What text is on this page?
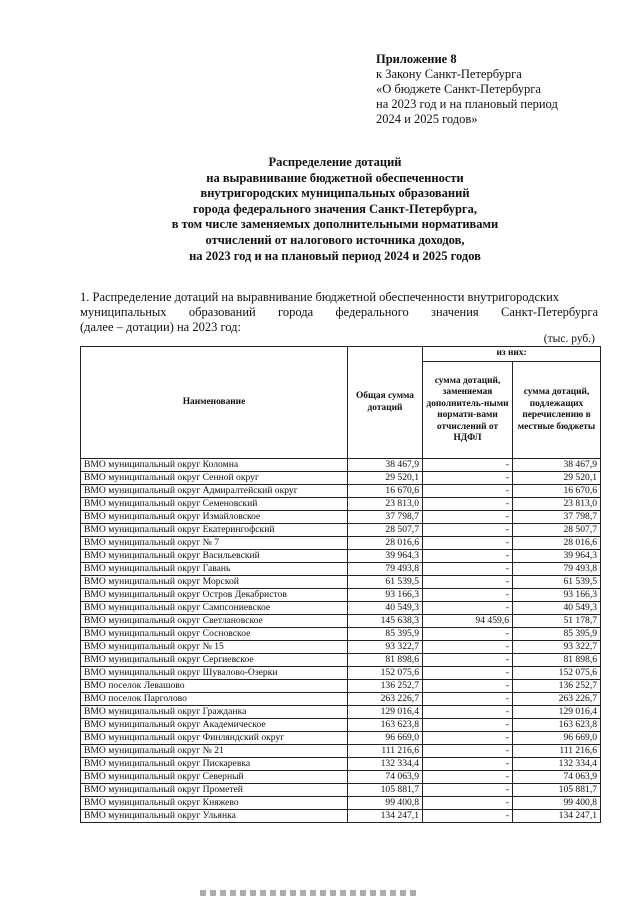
Приложение 8
к Закону Санкт-Петербурга
«О бюджете Санкт-Петербурга
на 2023 год и на плановый период
2024 и 2025 годов»
Распределение дотаций
на выравнивание бюджетной обеспеченности
внутригородских муниципальных образований
города федерального значения Санкт-Петербурга,
в том числе заменяемых дополнительными нормативами
отчислений от налогового источника доходов,
на 2023 год и на плановый период 2024 и 2025 годов
1. Распределение дотаций на выравнивание бюджетной обеспеченности внутригородских
муниципальных образований города федерального значения Санкт-Петербурга
(далее – дотации) на 2023 год:
(тыс. руб.)
Наименование	Общая сумма дотаций	из них:	
		сумма дотаций, заменяемая дополнитель-ными нормати-вами отчислений от НДФЛ	сумма дотаций, подлежащих перечислению в местные бюджеты
ВМО муниципальный округ Коломна	38 467,9	-	38 467,9
ВМО муниципальный округ Сенной округ	29 520,1	-	29 520,1
ВМО муниципальный округ Адмиралтейский округ	16 670,6	-	16 670,6
ВМО муниципальный округ Семеновский	23 813,0	-	23 813,0
ВМО муниципальный округ Измайловское	37 798,7	-	37 798,7
ВМО муниципальный округ Екатерингофский	28 507,7	-	28 507,7
ВМО муниципальный округ № 7	28 016,6	-	28 016,6
ВМО муниципальный округ Васильевский	39 964,3	-	39 964,3
ВМО муниципальный округ Гавань	79 493,8	-	79 493,8
ВМО муниципальный округ Морской	61 539,5	-	61 539,5
ВМО муниципальный округ Остров Декабристов	93 166,3	-	93 166,3
ВМО муниципальный округ Сампсониевское	40 549,3	-	40 549,3
ВМО муниципальный округ Светлановское	145 638,3	94 459,6	51 178,7
ВМО муниципальный округ Сосновское	85 395,9	-	85 395,9
ВМО муниципальный округ № 15	93 322,7	-	93 322,7
ВМО муниципальный округ Сергиевское	81 898,6	-	81 898,6
ВМО муниципальный округ Шувалово-Озерки	152 075,6	-	152 075,6
ВМО поселок Левашово	136 252,7	-	136 252,7
ВМО поселок Парголово	263 226,7	-	263 226,7
ВМО муниципальный округ Гражданка	129 016,4	-	129 016,4
ВМО муниципальный округ Академическое	163 623,8	-	163 623,8
ВМО муниципальный округ Финляндский округ	96 669,0	-	96 669,0
ВМО муниципальный округ № 21	111 216,6	-	111 216,6
ВМО муниципальный округ Пискаревка	132 334,4	-	132 334,4
ВМО муниципальный округ Северный	74 063,9	-	74 063,9
ВМО муниципальный округ Прометей	105 881,7	-	105 881,7
ВМО муниципальный округ Княжево	99 400,8	-	99 400,8
ВМО муниципальный округ Ульянка	134 247,1	-	134 247,1
